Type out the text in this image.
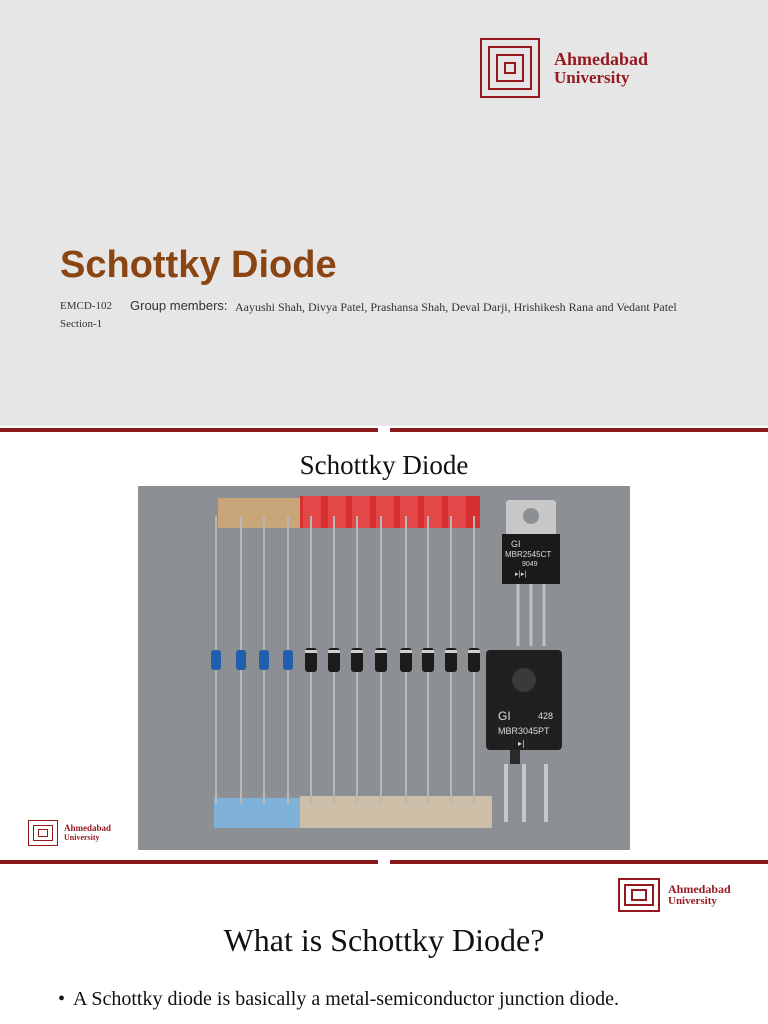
Ahmedabad
University
Schottky Diode
EMCD-102
Section-1
Group members: Aayushi Shah, Divya Patel, Prashansa Shah, Deval Darji, Hrishikesh Rana and Vedant Patel
Schottky Diode
GI
MBR2545CT
9049
▸|▸|
GI	428
MBR3045PT
▸|
Ahmedabad
University
Ahmedabad
University
What is Schottky Diode?
• A Schottky diode is basically a metal-semiconductor junction diode.
